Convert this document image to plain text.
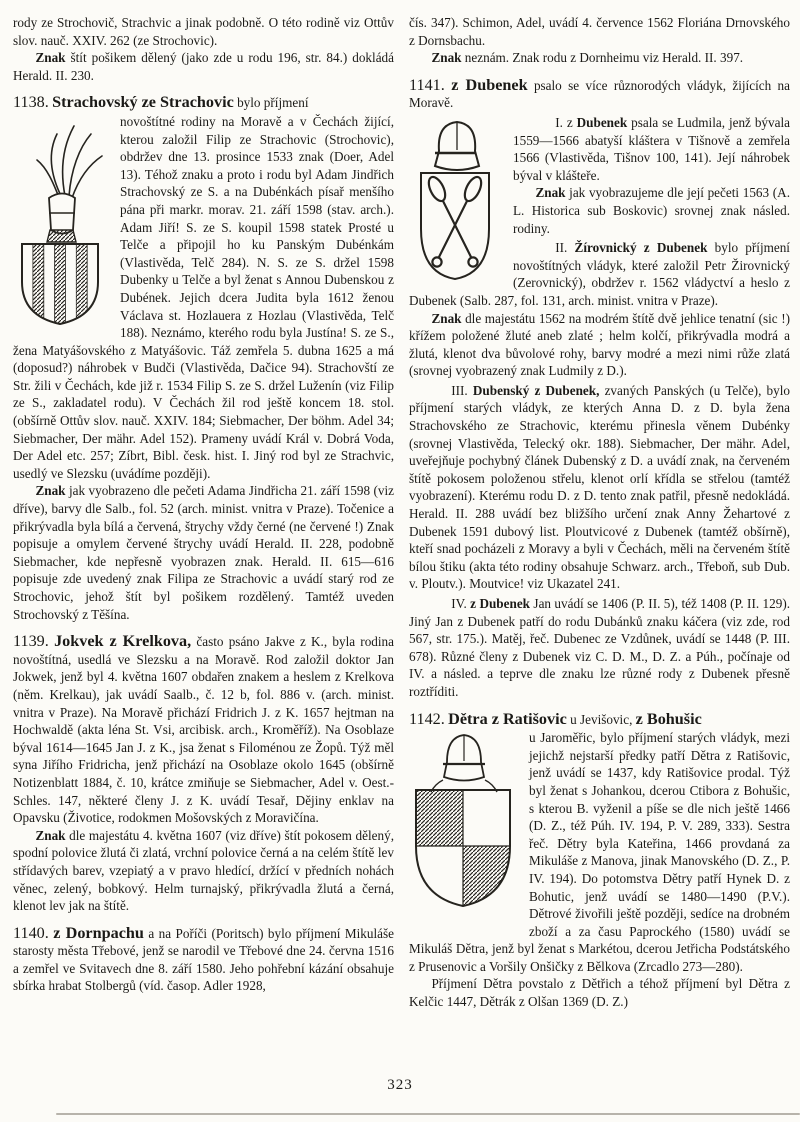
rody ze Strochovič, Strachvic a jinak podobně. O této rodině viz Ottův slov. nauč. XXIV. 262 (ze Strochovic).

Znak štít pošikem dělený (jako zde u rodu 196, str. 84.) dokládá Herald. II. 230.

1138. Strachovský ze Strachovic bylo příjmení

novoštítné rodiny na Moravě a v Čechách žijící, kterou založil Filip ze Strachovic (Strochovic), obdržev dne 13. prosince 1533 znak (Doer, Adel 13). Téhož znaku a proto i rodu byl Adam Jindřich Strachovský ze S. a na Dubénkách písař menšího pána při markr. morav. 21. září 1598 (stav. arch.). Adam Jiří! S. ze S. koupil 1598 statek Prosté u Telče a připojil ho ku Panským Dubénkám (Vlastivěda, Telč 284). N. S. ze S. držel 1598 Dubenky u Telče a byl ženat s Annou Dubenskou z Dubének. Jejich dcera Judita byla 1612 ženou Václava st. Hozlauera z Hozlau (Vlastivěda, Telč 188). Neznámo, kterého rodu byla Justína! S. ze S., žena Matyášovského z Matyášovic. Táž zemřela 5. dubna 1625 a má (doposud?) náhrobek v Budči (Vlastivěda, Dačice 94). Strachovští ze Str. žili v Čechách, kde již r. 1534 Filip S. ze S. držel Luženín (viz Filip ze S., zakladatel rodu). V Čechách žil rod ještě koncem 18. stol. (obšírně Ottův slov. nauč. XXIV. 184; Siebmacher, Der böhm. Adel 34; Siebmacher, Der mähr. Adel 152). Prameny uvádí Král v. Dobrá Voda, Der Adel etc. 257; Zíbrt, Bibl. česk. hist. I. Jiný rod byl ze Strachvic, usedlý ve Slezsku (uvádíme později).

Znak jak vyobrazeno dle pečeti Adama Jindřicha 21. září 1598 (viz dříve), barvy dle Salb., fol. 52 (arch. minist. vnitra v Praze). Točenice a přikrývadla byla bílá a červená, štrychy vždy černé (ne červené !) Znak popisuje a omylem červené štrychy uvádí Herald. II. 228, podobně Siebmacher, kde nepřesně vyobrazen znak. Herald. II. 615—616 popisuje zde uvedený znak Filipa ze Strachovic a uvádí starý rod ze Strochovic, jehož štít byl pošikem rozdělený. Tamtéž uveden Strochovský z Těšína.

1139. Jokvek z Krelkova, často psáno Jakve z K., byla rodina novoštítná, usedlá ve Slezsku a na Moravě. Rod založil doktor Jan Jokwek, jenž byl 4. května 1607 obdařen znakem a heslem z Krelkova (něm. Krelkau), jak uvádí Saalb., č. 12 b, fol. 886 v. (arch. minist. vnitra v Praze). Na Moravě přichází Fridrich J. z K. 1657 hejtman na Hochwaldě (akta léna St. Vsi, arcibisk. arch., Kroměříž). Na Osoblaze býval 1614—1645 Jan J. z K., jsa ženat s Filoménou ze Žopů. Týž měl syna Jiřího Fridricha, jenž přichází na Osoblaze okolo 1645 (obšírně Notizenblatt 1884, č. 10, krátce zmiňuje se Siebmacher, Adel v. Oest.-Schles. 147, některé členy J. z K. uvádí Tesař, Dějiny enklav na Opavsku (Životice, rodokmen Mošovských z Moravičína.

Znak dle majestátu 4. května 1607 (viz dříve) štít pokosem dělený, spodní polovice žlutá či zlatá, vrchní polovice černá a na celém štítě lev střídavých barev, vzepiatý a v pravo hledící, držící v předních nohách věnec, zelený, bobkový. Helm turnajský, přikrývadla žlutá a černá, klenot lev jak na štítě.

1140. z Dornpachu a na Poříči (Poritsch) bylo příjmení Mikuláše starosty města Třebové, jenž se narodil ve Třebové dne 24. června 1516 a zemřel ve Svitavech dne 8. září 1580. Jeho pohřební kázání obsahuje sbírka hrabat Stolbergů (víd. časop. Adler 1928,

čís. 347). Schimon, Adel, uvádí 4. července 1562 Floriána Drnovského z Dornsbachu.

Znak neznám. Znak rodu z Dornheimu viz Herald. II. 397.

1141. z Dubenek psalo se více různorodých vládyk, žijících na Moravě.

I. z Dubenek psala se Ludmila, jenž bývala
1559—1566 abatyší kláštera v Tišnově a zemřela 1566 (Vlastivěda, Tišnov 100, 141). Její náhrobek býval v klášteře.

Znak jak vyobrazujeme dle její pečeti 1563 (A. L. Historica sub Boskovic) srovnej znak násled. rodiny.

II. Žírovnický z Dubenek bylo příjmení novoštítných vládyk, které založil Petr Žirovnický (Zerovnický), obdržev r. 1562 vládyctví a heslo z Dubenek (Salb. 287, fol. 131, arch. minist. vnitra v Praze).

Znak dle majestátu 1562 na modrém štítě dvě jehlice tenatní (sic !) křížem položené žluté aneb zlaté ; helm kolčí, přikrývadla modrá a žlutá, klenot dva bůvolové rohy, barvy modré a mezi nimi růže zlatá (srovnej vyobrazený znak Ludmily z D.).

III. Dubenský z Dubenek, zvaných Panských (u Telče), bylo příjmení starých vládyk, ze kterých Anna D. z D. byla žena Strachovského ze Strachovic, kterému přinesla věnem Dubénky (srovnej Vlastivěda, Telecký okr. 188). Siebmacher, Der mähr. Adel, uveřejňuje pochybný článek Dubenský z D. a uvádí znak, na červeném štítě pokosem položenou střelu, klenot orlí křídla se střelou (tamtéž vyobrazení). Kterému rodu D. z D. tento znak patřil, přesně nedokládá. Herald. II. 288 uvádí bez bližšího určení znak Anny Žehartové z Dubenek 1591 dubový list. Ploutvicové z Dubenek (tamtéž obšírně), kteří snad pocházeli z Moravy a byli v Čechách, měli na červeném štítě bílou štiku (akta této rodiny obsahuje Schwarz. arch., Třeboň, sub Dub. v. Ploutv.). Moutvice! viz Ukazatel 241.

IV. z Dubenek Jan uvádí se 1406 (P. II. 5), též 1408 (P. II. 129). Jiný Jan z Dubenek patří do rodu Dubánků znaku káčera (viz zde, rod 567, str. 175.). Matěj, řeč. Dubenec ze Vzdůnek, uvádí se 1448 (P. III. 678). Různé členy z Dubenek viz C. D. M., D. Z. a Púh., počínaje od IV. a násled. a teprve dle znaku lze různé rody z Dubenek přesně roztříditi.

1142. Dětra z Ratišovic u Jevišovic, z Bohušic

u Jaroměřic, bylo příjmení starých vládyk, mezi jejichž nejstarší předky patří Dětra z Ratišovic, jenž uvádí se 1437, kdy Ratišovice prodal. Týž byl ženat s Johankou, dcerou Ctibora z Bohušic, s kterou B. vyženil a píše se dle nich ještě 1466 (D. Z., též Púh. IV. 194, P. V. 289, 333). Sestra řeč. Dětry byla Kateřina, 1466 provdaná za Mikuláše z Manova, jinak Manovského (D. Z., P. IV. 194). Do potomstva Dětry patří Hynek D. z Bohutic, jenž uvádí se 1480—1490 (P.V.). Dětrové živořili ještě později, sedíce na drobném zboží a za času Paprockého (1580) uvádí se Mikuláš Dětra, jenž byl ženat s Markétou, dcerou Jetřicha Podstátského z Prusenovic a Voršily Onšičky z Bělkova (Zrcadlo 273—280).

Příjmení Dětra povstalo z Dětřich a téhož příjmení byl Dětra z Kelčic 1447, Dětrák z Olšan 1369 (D. Z.)

323
